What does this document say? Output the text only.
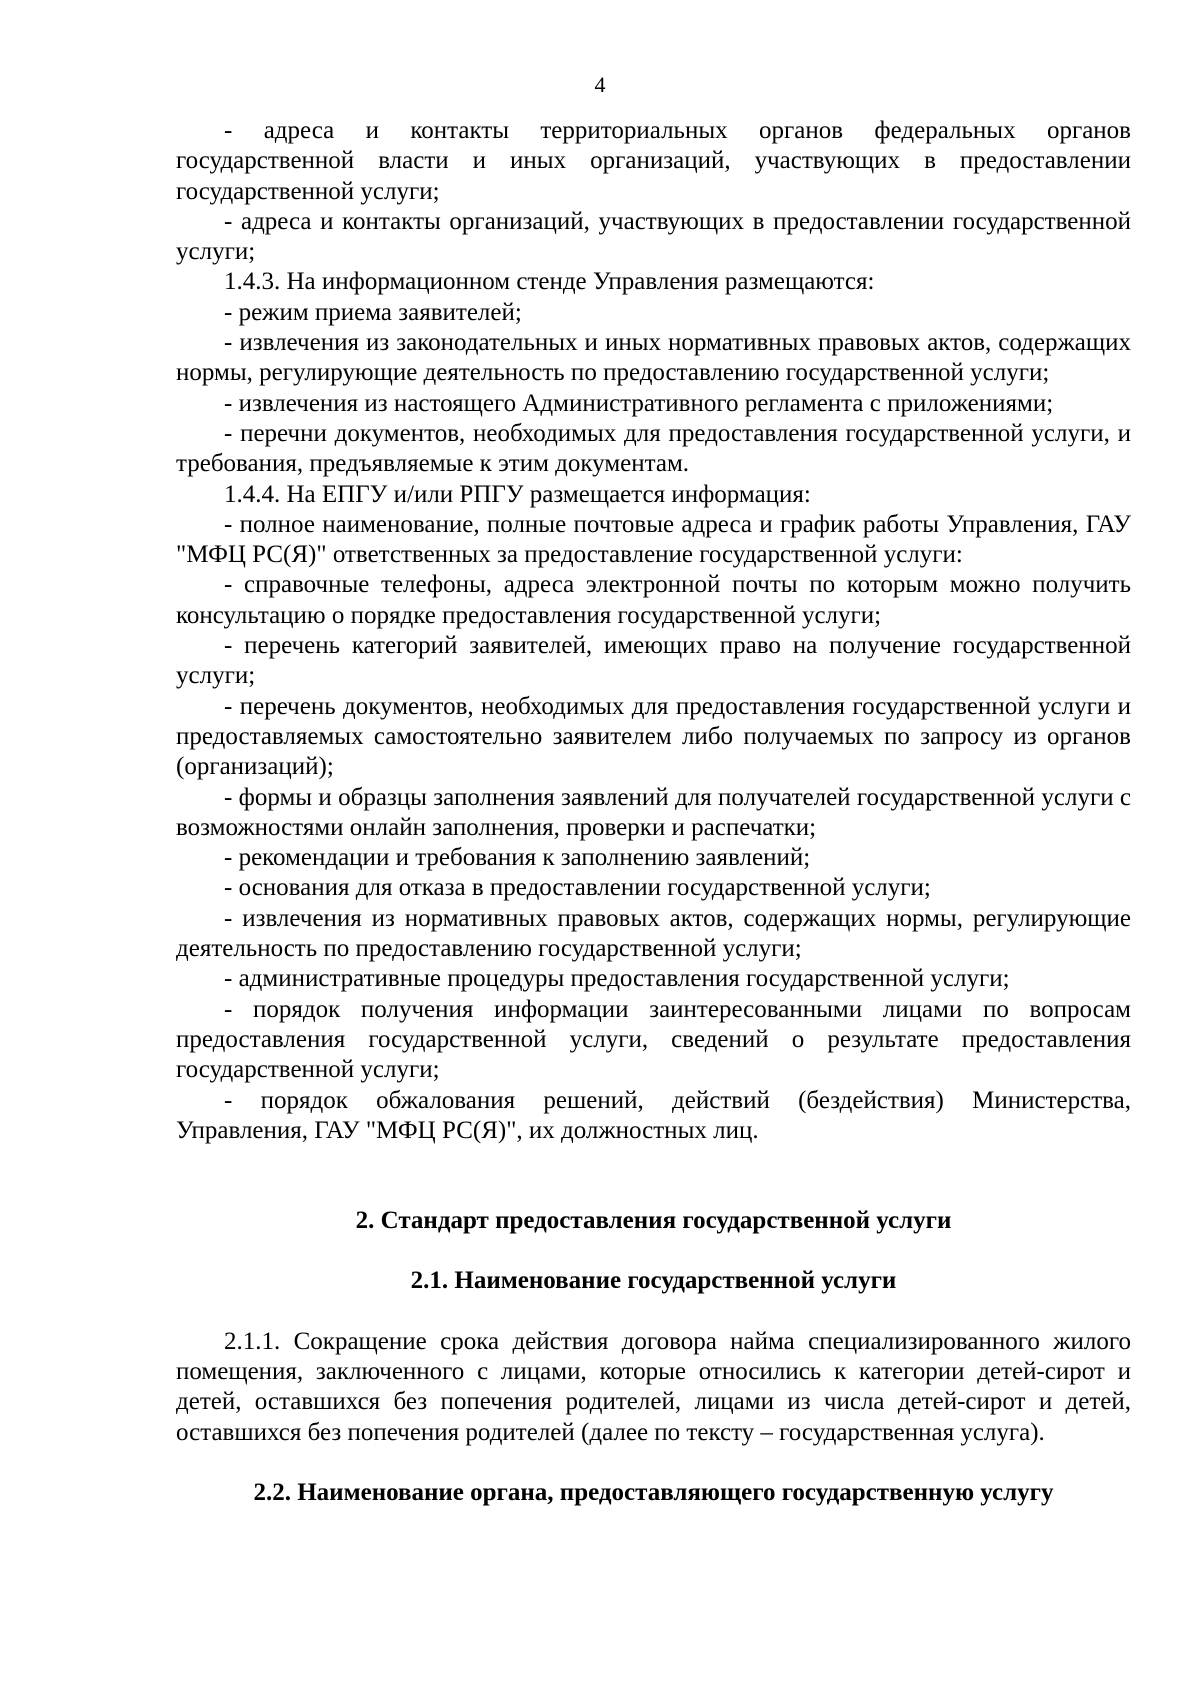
4

- адреса и контакты территориальных органов федеральных органов государственной власти и иных организаций, участвующих в предоставлении государственной услуги;

- адреса и контакты организаций, участвующих в предоставлении государственной услуги;

1.4.3. На информационном стенде Управления размещаются:

- режим приема заявителей;

- извлечения из законодательных и иных нормативных правовых актов, содержащих нормы, регулирующие деятельность по предоставлению государственной услуги;

- извлечения из настоящего Административного регламента с приложениями;

- перечни документов, необходимых для предоставления государственной услуги, и требования, предъявляемые к этим документам.

1.4.4. На ЕПГУ и/или РПГУ размещается информация:

- полное наименование, полные почтовые адреса и график работы Управления, ГАУ "МФЦ РС(Я)" ответственных за предоставление государственной услуги:

- справочные телефоны, адреса электронной почты по которым можно получить консультацию о порядке предоставления государственной услуги;

- перечень категорий заявителей, имеющих право на получение государственной услуги;

- перечень документов, необходимых для предоставления государственной услуги и предоставляемых самостоятельно заявителем либо получаемых по запросу из органов (организаций);

- формы и образцы заполнения заявлений для получателей государственной услуги с возможностями онлайн заполнения, проверки и распечатки;

- рекомендации и требования к заполнению заявлений;

- основания для отказа в предоставлении государственной услуги;

- извлечения из нормативных правовых актов, содержащих нормы, регулирующие деятельность по предоставлению государственной услуги;

- административные процедуры предоставления государственной услуги;

- порядок получения информации заинтересованными лицами по вопросам предоставления государственной услуги, сведений о результате предоставления государственной услуги;

- порядок обжалования решений, действий (бездействия) Министерства, Управления, ГАУ "МФЦ РС(Я)", их должностных лиц.

2. Стандарт предоставления государственной услуги

2.1. Наименование государственной услуги

2.1.1. Сокращение срока действия договора найма специализированного жилого помещения, заключенного с лицами, которые относились к категории детей-сирот и детей, оставшихся без попечения родителей, лицами из числа детей-сирот и детей, оставшихся без попечения родителей (далее по тексту – государственная услуга).

2.2. Наименование органа, предоставляющего государственную услугу
